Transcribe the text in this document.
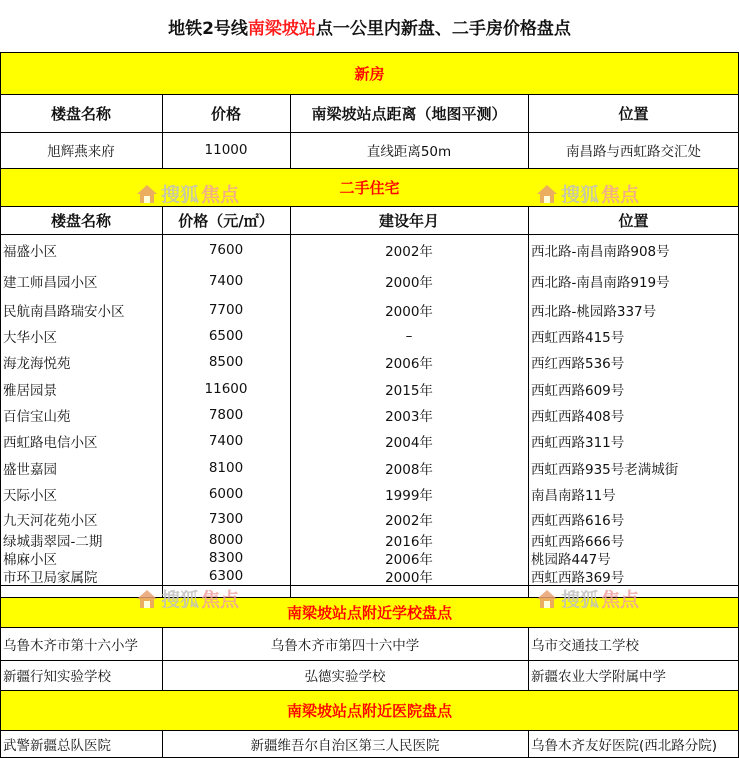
地铁2号线 南梁坡站 点一公里内新盘、二手房价格盘点
新房
楼盘名称	价格	南梁坡站点距离（地图平测）	位置
旭辉燕来府	11000	直线距离50m	南昌路与西虹路交汇处
二手住宅
楼盘名称	价格（元/㎡）	建设年月	位置
福盛小区	7600	2002年	西北路-南昌南路908号
建工师昌园小区	7400	2000年	西北路-南昌南路919号
民航南昌路瑞安小区	7700	2000年	西北路-桃园路337号
大华小区	6500	–	西虹西路415号
海龙海悦苑	8500	2006年	西红西路536号
雅居园景	11600	2015年	西虹西路609号
百信宝山苑	7800	2003年	西虹西路408号
西虹路电信小区	7400	2004年	西虹西路311号
盛世嘉园	8100	2008年	西虹西路935号老满城街
天际小区	6000	1999年	南昌南路11号
九天河花苑小区	7300	2002年	西虹西路616号
绿城翡翠园-二期	8000	2016年	西虹西路666号
棉麻小区	8300	2006年	桃园路447号
市环卫局家属院	6300	2000年	西虹西路369号
南梁坡站点附近学校盘点
乌鲁木齐市第十六小学	乌鲁木齐市第四十六中学	乌市交通技工学校
新疆行知实验学校	弘德实验学校	新疆农业大学附属中学
南梁坡站点附近医院盘点
武警新疆总队医院	新疆维吾尔自治区第三人民医院	乌鲁木齐友好医院(西北路分院)
搜狐 焦点	搜狐 焦点
搜狐 焦点	搜狐 焦点
